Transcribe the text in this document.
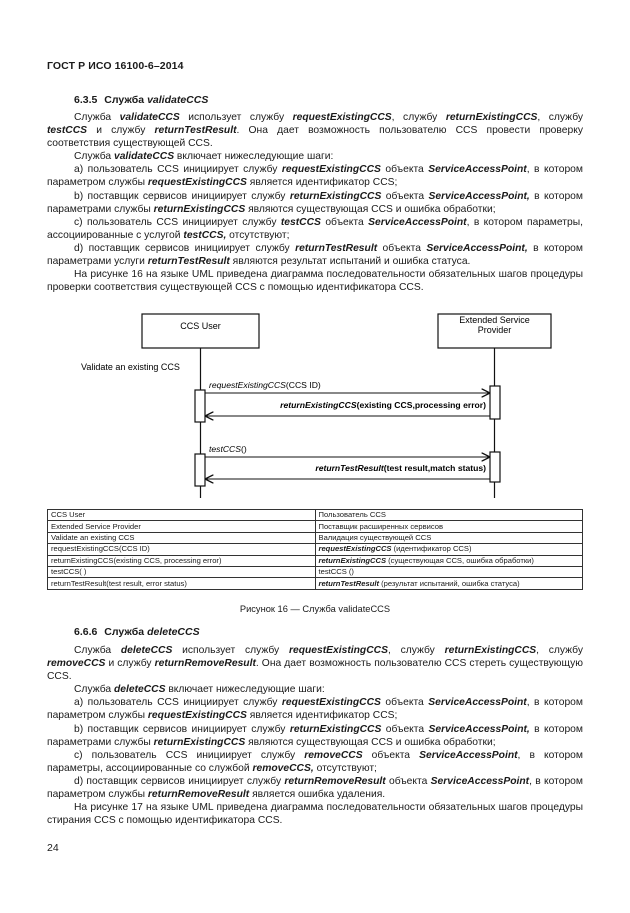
ГОСТ Р ИСО 16100-6–2014
6.3.5 Служба validateCCS

Служба validateCCS использует службу requestExistingCCS, службу returnExistingCCS, службу testCCS и службу returnTestResult. Она дает возможность пользователю CCS провести проверку соответствия существующей CCS.

Служба validateCCS включает нижеследующие шаги:

а) пользователь CCS инициирует службу requestExistingCCS объекта ServiceAccessPoint, в котором параметром службы requestExistingCCS является идентификатор CCS;

b) поставщик сервисов инициирует службу returnExistingCCS объекта ServiceAccessPoint, в котором параметрами службы returnExistingCCS являются существующая CCS и ошибка обработки;

с) пользователь CCS инициирует службу testCCS объекта ServiceAccessPoint, в котором параметры, ассоциированные с услугой testCCS, отсутствуют;

d) поставщик сервисов инициирует службу returnTestResult объекта ServiceAccessPoint, в котором параметрами услуги returnTestResult являются результат испытаний и ошибка статуса.

На рисунке 16 на языке UML приведена диаграмма последовательности обязательных шагов процедуры проверки соответствия существующей CCS с помощью идентификатора CCS.

CCS User
Extended Service
Provider
Validate an existing CCS
requestExistingCCS(CCS ID)
returnExistingCCS(existing CCS,processing error)
testCCS()
returnTestResult(test result,match status)
CCS User	Пользователь CCS
Extended Service Provider	Поставщик расширенных сервисов
Validate an existing CCS	Валидация существующей CCS
requestExistingCCS(CCS ID)	requestExistingCCS (идентификатор CCS)
returnExistingCCS(existing CCS, processing error)	returnExistingCCS (существующая CCS, ошибка обработки)
testCCS( )	testCCS ()
returnTestResult(test result, error status)	returnTestResult (результат испытаний, ошибка статуса)
Рисунок 16 — Служба validateCCS
6.6.6 Служба deleteCCS

Служба deleteCCS использует службу requestExistingCCS, службу returnExistingCCS, службу removeCCS и службу returnRemoveResult. Она дает возможность пользователю CCS стереть существующую CCS.

Служба deleteCCS включает нижеследующие шаги:

а) пользователь CCS инициирует службу requestExistingCCS объекта ServiceAccessPoint, в котором параметром службы requestExistingCCS является идентификатор CCS;

b) поставщик сервисов инициирует службу returnExistingCCS объекта ServiceAccessPoint, в котором параметрами службы returnExistingCCS являются существующая CCS и ошибка обработки;

с) пользователь CCS инициирует службу removeCCS объекта ServiceAccessPoint, в котором параметры, ассоциированные со службой removeCCS, отсутствуют;

d) поставщик сервисов инициирует службу returnRemoveResult объекта ServiceAccessPoint, в котором параметром службы returnRemoveResult является ошибка удаления.

На рисунке 17 на языке UML приведена диаграмма последовательности обязательных шагов процедуры стирания CCS с помощью идентификатора CCS.

24
